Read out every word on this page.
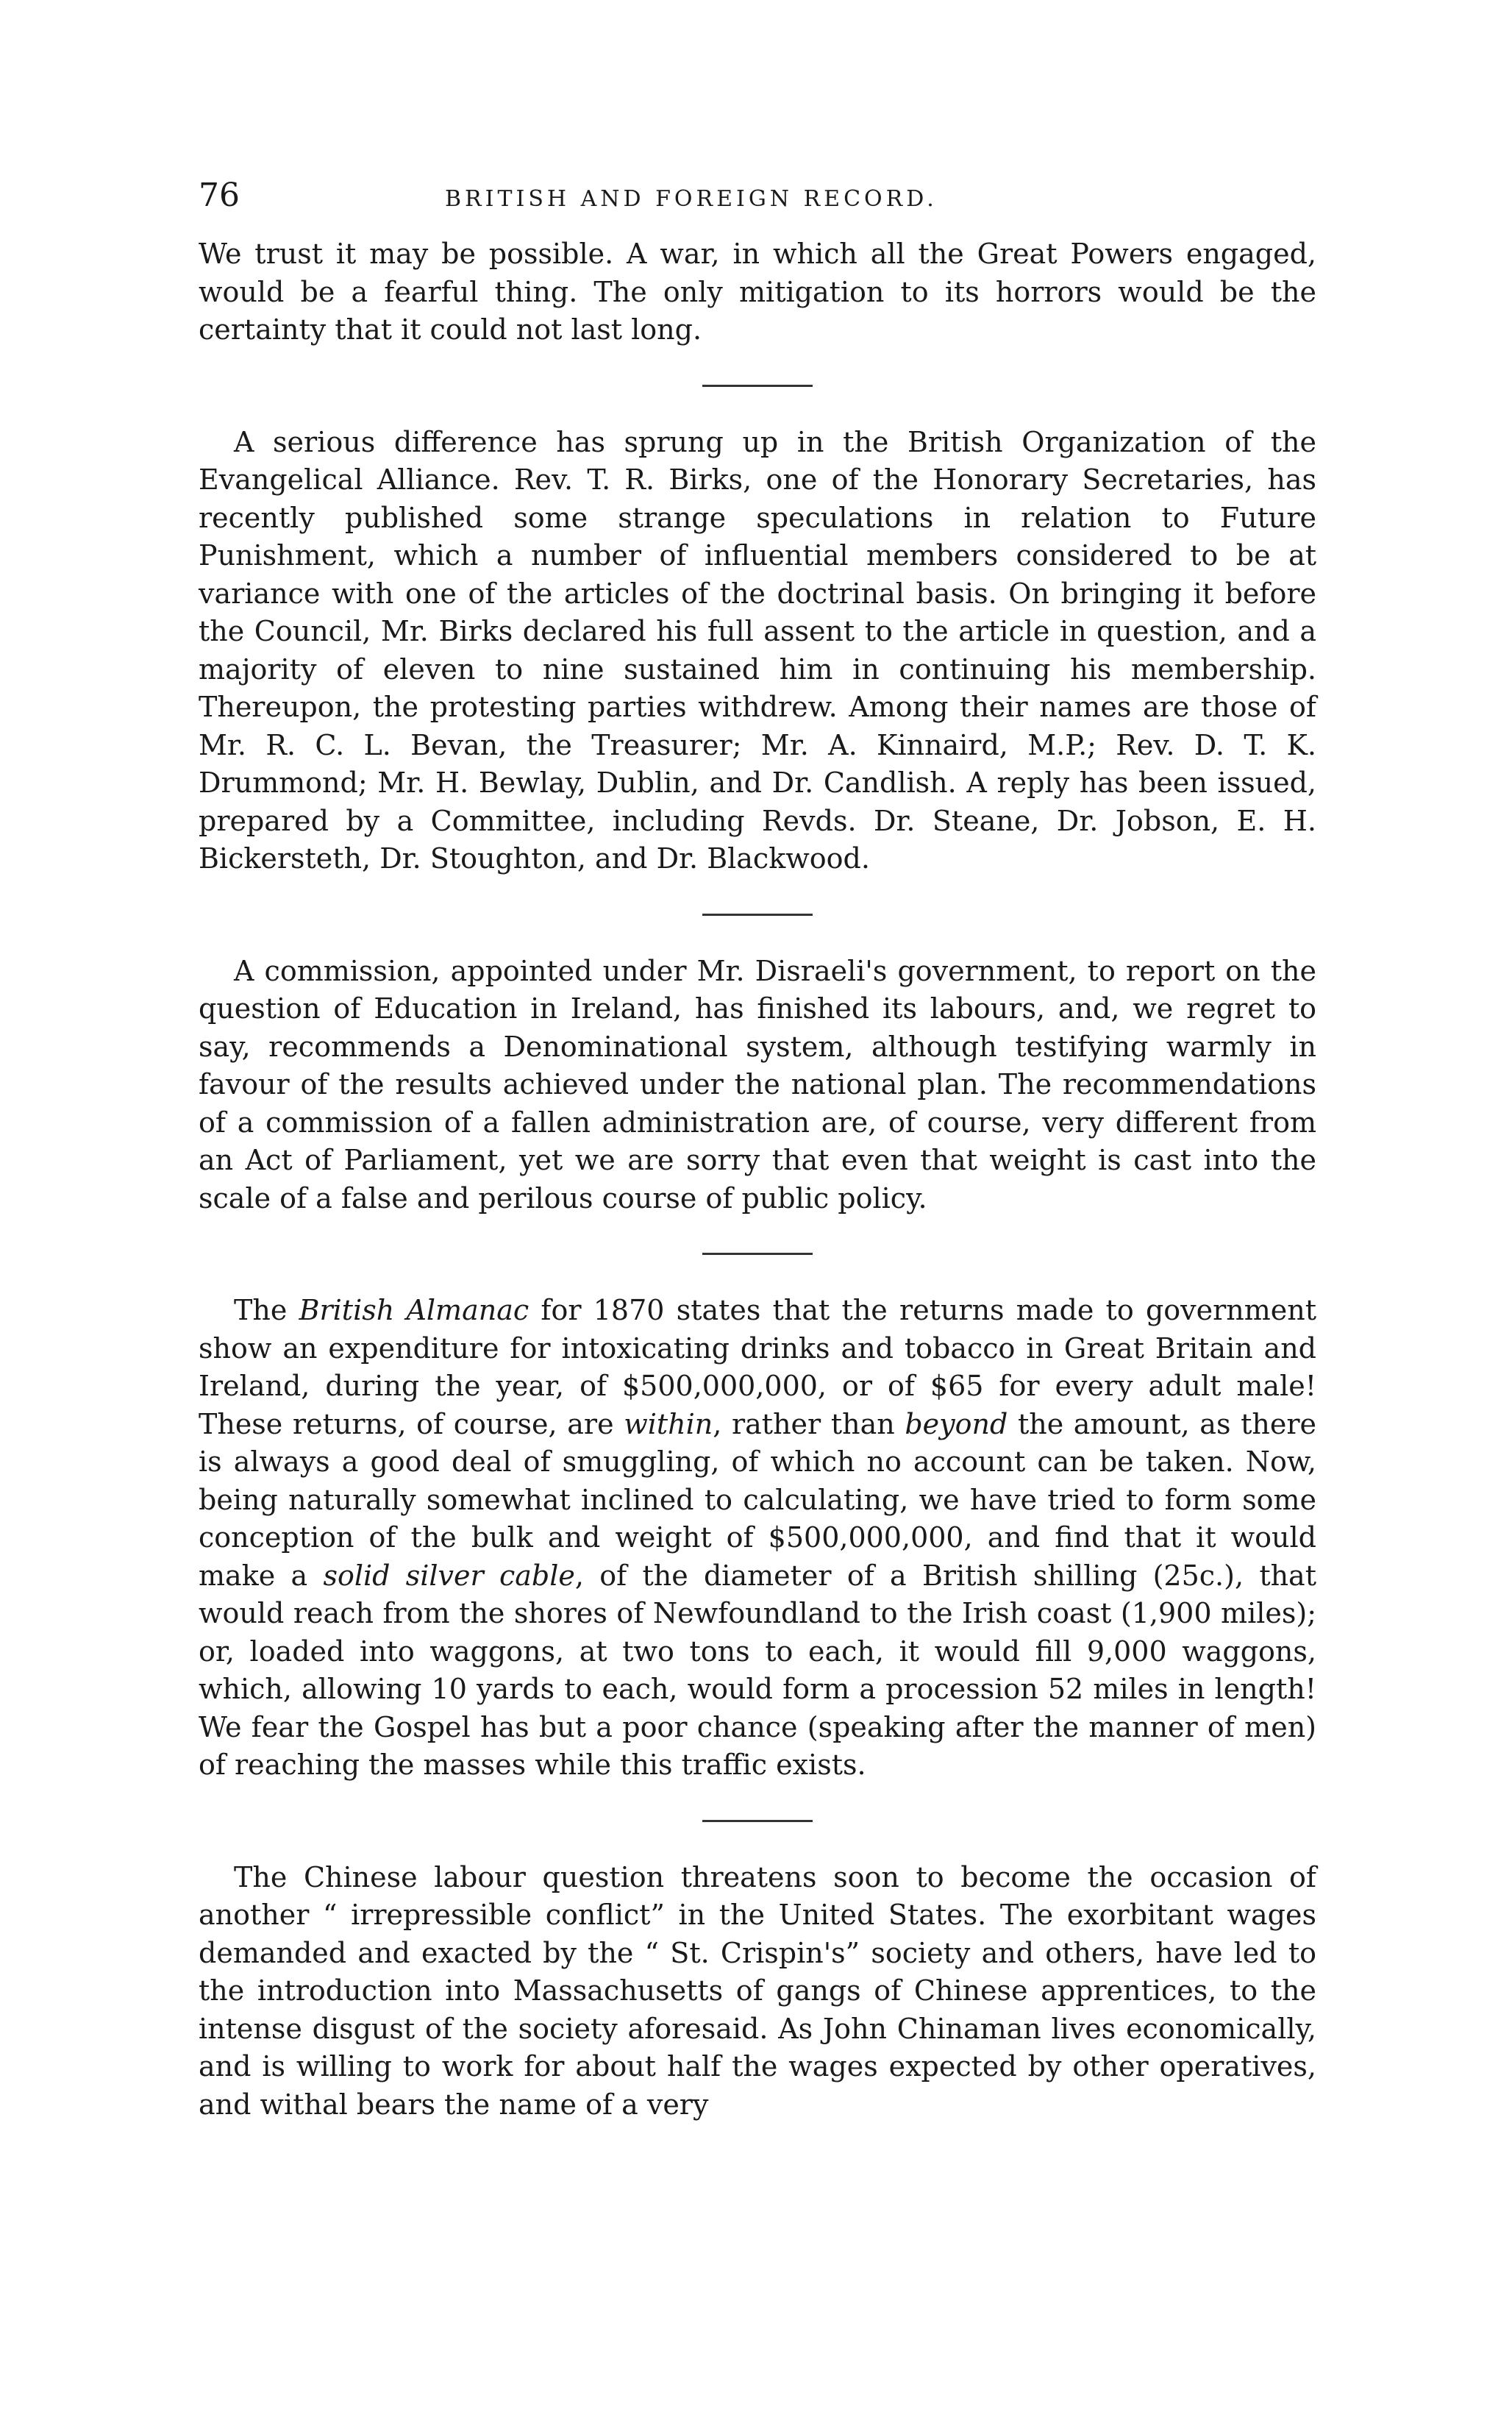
76	BRITISH AND FOREIGN RECORD.

We trust it may be possible. A war, in which all the Great Powers engaged, would be a fearful thing. The only mitigation to its horrors would be the certainty that it could not last long.

A serious difference has sprung up in the British Organization of the Evangelical Alliance. Rev. T. R. Birks, one of the Honorary Secretaries, has recently published some strange speculations in relation to Future Punishment, which a number of influential members considered to be at variance with one of the articles of the doctrinal basis. On bringing it before the Council, Mr. Birks declared his full assent to the article in question, and a majority of eleven to nine sustained him in continuing his membership. Thereupon, the protesting parties withdrew. Among their names are those of Mr. R. C. L. Bevan, the Treasurer; Mr. A. Kinnaird, M.P.; Rev. D. T. K. Drummond; Mr. H. Bewlay, Dublin, and Dr. Candlish. A reply has been issued, prepared by a Committee, including Revds. Dr. Steane, Dr. Jobson, E. H. Bickersteth, Dr. Stoughton, and Dr. Blackwood.

A commission, appointed under Mr. Disraeli's government, to report on the question of Education in Ireland, has finished its labours, and, we regret to say, recommends a Denominational system, although testifying warmly in favour of the results achieved under the national plan. The recommendations of a commission of a fallen administration are, of course, very different from an Act of Parliament, yet we are sorry that even that weight is cast into the scale of a false and perilous course of public policy.

The British Almanac for 1870 states that the returns made to government show an expenditure for intoxicating drinks and tobacco in Great Britain and Ireland, during the year, of $500,000,000, or of $65 for every adult male! These returns, of course, are within, rather than beyond the amount, as there is always a good deal of smuggling, of which no account can be taken. Now, being naturally somewhat inclined to calculating, we have tried to form some conception of the bulk and weight of $500,000,000, and find that it would make a solid silver cable, of the diameter of a British shilling (25c.), that would reach from the shores of Newfoundland to the Irish coast (1,900 miles); or, loaded into waggons, at two tons to each, it would fill 9,000 waggons, which, allowing 10 yards to each, would form a procession 52 miles in length! We fear the Gospel has but a poor chance (speaking after the manner of men) of reaching the masses while this traffic exists.

The Chinese labour question threatens soon to become the occasion of another “ irrepressible conflict” in the United States. The exorbitant wages demanded and exacted by the “ St. Crispin's” society and others, have led to the introduction into Massachusetts of gangs of Chinese apprentices, to the intense disgust of the society aforesaid. As John Chinaman lives economically, and is willing to work for about half the wages expected by other operatives, and withal bears the name of a very
